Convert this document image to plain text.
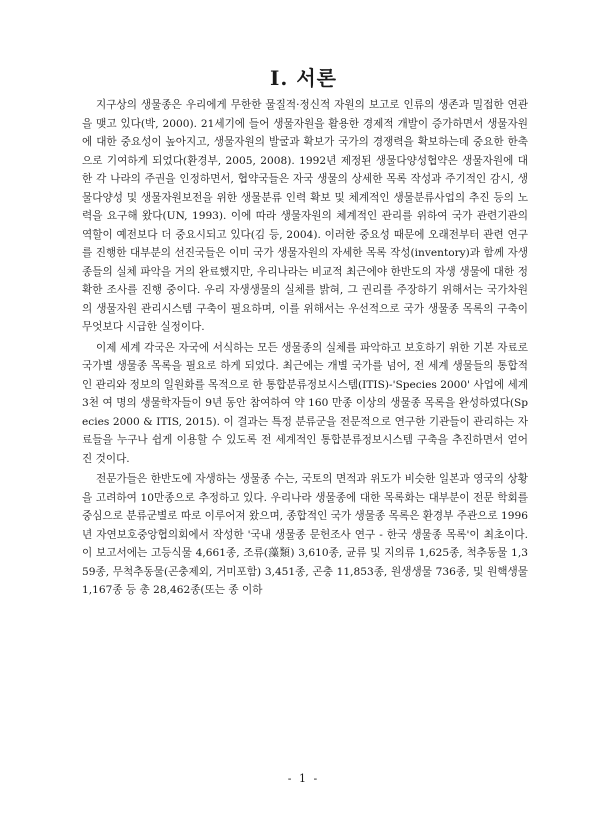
I. 서론

지구상의 생물종은 우리에게 무한한 물질적·정신적 자원의 보고로 인류의 생존과 밀접한 연관을 맺고 있다(박, 2000). 21세기에 들어 생물자원을 활용한 경제적 개발이 증가하면서 생물자원에 대한 중요성이 높아지고, 생물자원의 발굴과 확보가 국가의 경쟁력을 확보하는데 중요한 한축으로 기여하게 되었다(환경부, 2005, 2008). 1992년 제정된 생물다양성협약은 생물자원에 대한 각 나라의 주권을 인정하면서, 협약국들은 자국 생물의 상세한 목록 작성과 주기적인 감시, 생물다양성 및 생물자원보전을 위한 생물분류 인력 확보 및 체계적인 생물분류사업의 추진 등의 노력을 요구해 왔다(UN, 1993). 이에 따라 생물자원의 체계적인 관리를 위하여 국가 관련기관의 역할이 예전보다 더 중요시되고 있다(김 등, 2004). 이러한 중요성 때문에 오래전부터 관련 연구를 진행한 대부분의 선진국들은 이미 국가 생물자원의 자세한 목록 작성(inventory)과 함께 자생종들의 실체 파악을 거의 완료했지만, 우리나라는 비교적 최근에야 한반도의 자생 생물에 대한 정확한 조사를 진행 중이다. 우리 자생생물의 실체를 밝혀, 그 권리를 주장하기 위해서는 국가차원의 생물자원 관리시스템 구축이 필요하며, 이를 위해서는 우선적으로 국가 생물종 목록의 구축이 무엇보다 시급한 실정이다.

이제 세계 각국은 자국에 서식하는 모든 생물종의 실체를 파악하고 보호하기 위한 기본 자료로 국가별 생물종 목록을 필요로 하게 되었다. 최근에는 개별 국가를 넘어, 전 세계 생물들의 통합적인 관리와 정보의 일원화를 목적으로 한 통합분류정보시스템(ITIS)-'Species 2000' 사업에 세계 3천 여 명의 생물학자들이 9년 동안 참여하여 약 160 만종 이상의 생물종 목록을 완성하였다(Species 2000 & ITIS, 2015). 이 결과는 특정 분류군을 전문적으로 연구한 기관들이 관리하는 자료들을 누구나 쉽게 이용할 수 있도록 전 세계적인 통합분류정보시스템 구축을 추진하면서 얻어진 것이다.

전문가들은 한반도에 자생하는 생물종 수는, 국토의 면적과 위도가 비슷한 일본과 영국의 상황을 고려하여 10만종으로 추정하고 있다. 우리나라 생물종에 대한 목록화는 대부분이 전문 학회를 중심으로 분류군별로 따로 이루어져 왔으며, 종합적인 국가 생물종 목록은 환경부 주관으로 1996년 자연보호중앙협의회에서 작성한 '국내 생물종 문헌조사 연구 - 한국 생물종 목록'이 최초이다. 이 보고서에는 고등식물 4,661종, 조류(藻類) 3,610종, 균류 및 지의류 1,625종, 척추동물 1,359종, 무척추동물(곤충제외, 거미포함) 3,451종, 곤충 11,853종, 원생생물 736종, 및 원핵생물 1,167종 등 총 28,462종(또는 종 이하

- 1 -
